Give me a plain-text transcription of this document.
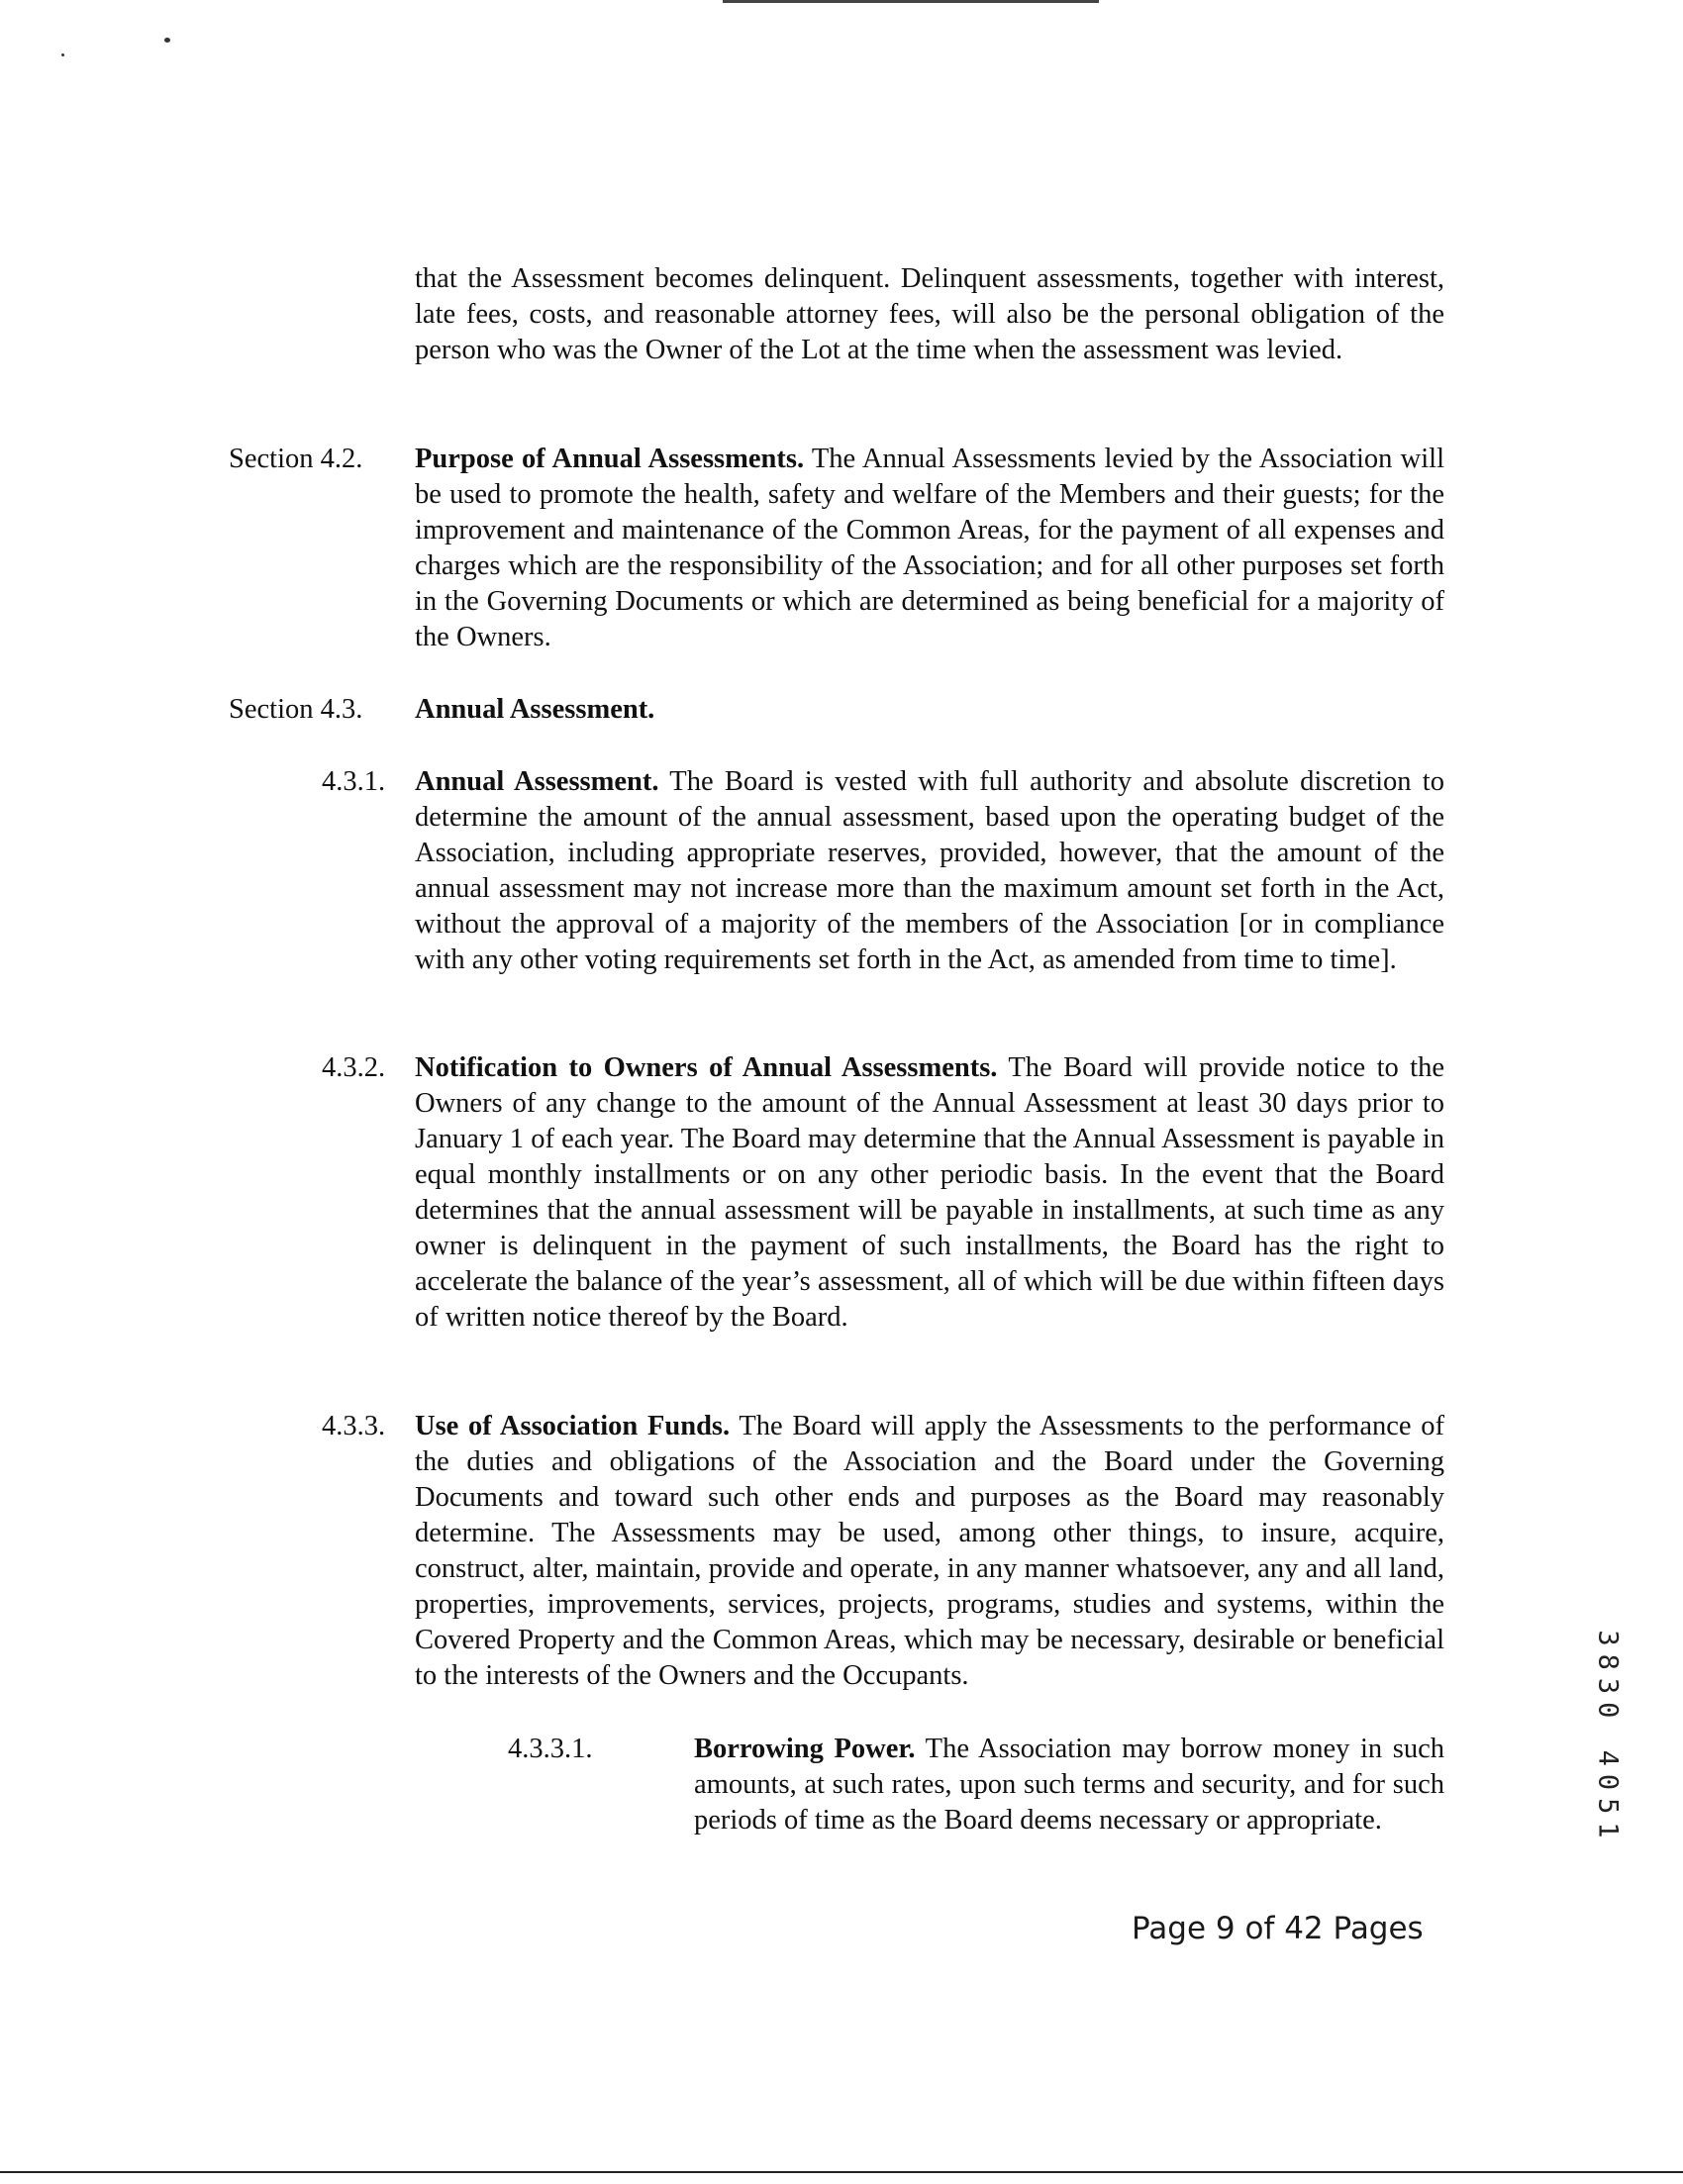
that the Assessment becomes delinquent. Delinquent assessments, together with interest, late fees, costs, and reasonable attorney fees, will also be the personal obligation of the person who was the Owner of the Lot at the time when the assessment was levied.
Section 4.2. Purpose of Annual Assessments. The Annual Assessments levied by the Association will be used to promote the health, safety and welfare of the Members and their guests; for the improvement and maintenance of the Common Areas, for the payment of all expenses and charges which are the responsibility of the Association; and for all other purposes set forth in the Governing Documents or which are determined as being beneficial for a majority of the Owners.
Section 4.3. Annual Assessment.
4.3.1. Annual Assessment. The Board is vested with full authority and absolute discretion to determine the amount of the annual assessment, based upon the operating budget of the Association, including appropriate reserves, provided, however, that the amount of the annual assessment may not increase more than the maximum amount set forth in the Act, without the approval of a majority of the members of the Association [or in compliance with any other voting requirements set forth in the Act, as amended from time to time].
4.3.2. Notification to Owners of Annual Assessments. The Board will provide notice to the Owners of any change to the amount of the Annual Assessment at least 30 days prior to January 1 of each year. The Board may determine that the Annual Assessment is payable in equal monthly installments or on any other periodic basis. In the event that the Board determines that the annual assessment will be payable in installments, at such time as any owner is delinquent in the payment of such installments, the Board has the right to accelerate the balance of the year’s assessment, all of which will be due within fifteen days of written notice thereof by the Board.
4.3.3. Use of Association Funds. The Board will apply the Assessments to the performance of the duties and obligations of the Association and the Board under the Governing Documents and toward such other ends and purposes as the Board may reasonably determine. The Assessments may be used, among other things, to insure, acquire, construct, alter, maintain, provide and operate, in any manner whatsoever, any and all land, properties, improvements, services, projects, programs, studies and systems, within the Covered Property and the Common Areas, which may be necessary, desirable or beneficial to the interests of the Owners and the Occupants.
4.3.3.1.	Borrowing Power. The Association may borrow money in such amounts, at such rates, upon such terms and security, and for such periods of time as the Board deems necessary or appropriate.
Page 9 of 42 Pages
3830 4051
